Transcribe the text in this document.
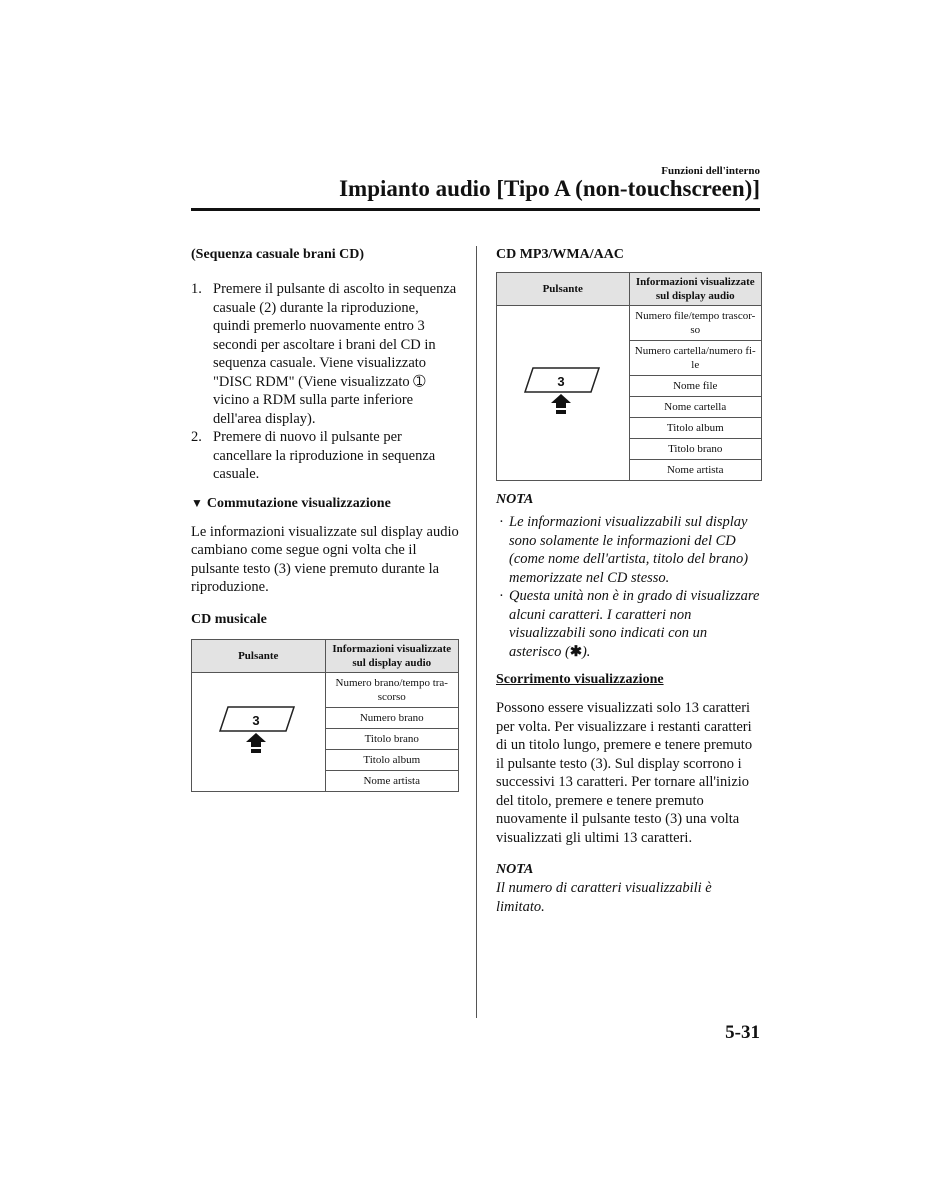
Funzioni dell'interno
Impianto audio [Tipo A (non-touchscreen)]

(Sequenza casuale brani CD)

1. Premere il pulsante di ascolto in sequenza casuale (2) durante la riproduzione, quindi premerlo nuovamente entro 3 secondi per ascoltare i brani del CD in sequenza casuale. Viene visualizzato "DISC RDM" (Viene visualizzato ➀ vicino a RDM sulla parte inferiore dell'area display).
2. Premere di nuovo il pulsante per cancellare la riproduzione in sequenza casuale.
▼ Commutazione visualizzazione

Le informazioni visualizzate sul display audio cambiano come segue ogni volta che il pulsante testo (3) viene premuto durante la riproduzione.

CD musicale

Pulsante	Informazioni visualizzate sul display audio

3	Numero brano/tempo tra-scorso
	Numero brano
	Titolo brano
	Titolo album
	Nome artista

CD MP3/WMA/AAC

Pulsante	Informazioni visualizzate sul display audio

3	Numero file/tempo trascor-so
	Numero cartella/numero fi-le
	Nome file
	Nome cartella
	Titolo album
	Titolo brano
	Nome artista
NOTA
· Le informazioni visualizzabili sul display sono solamente le informazioni del CD (come nome dell'artista, titolo del brano) memorizzate nel CD stesso.
· Questa unità non è in grado di visualizzare alcuni caratteri. I caratteri non visualizzabili sono indicati con un asterisco (✱).
Scorrimento visualizzazione

Possono essere visualizzati solo 13 caratteri per volta. Per visualizzare i restanti caratteri di un titolo lungo, premere e tenere premuto il pulsante testo (3). Sul display scorrono i successivi 13 caratteri. Per tornare all'inizio del titolo, premere e tenere premuto nuovamente il pulsante testo (3) una volta visualizzati gli ultimi 13 caratteri.

NOTA

Il numero di caratteri visualizzabili è limitato.

5-31
